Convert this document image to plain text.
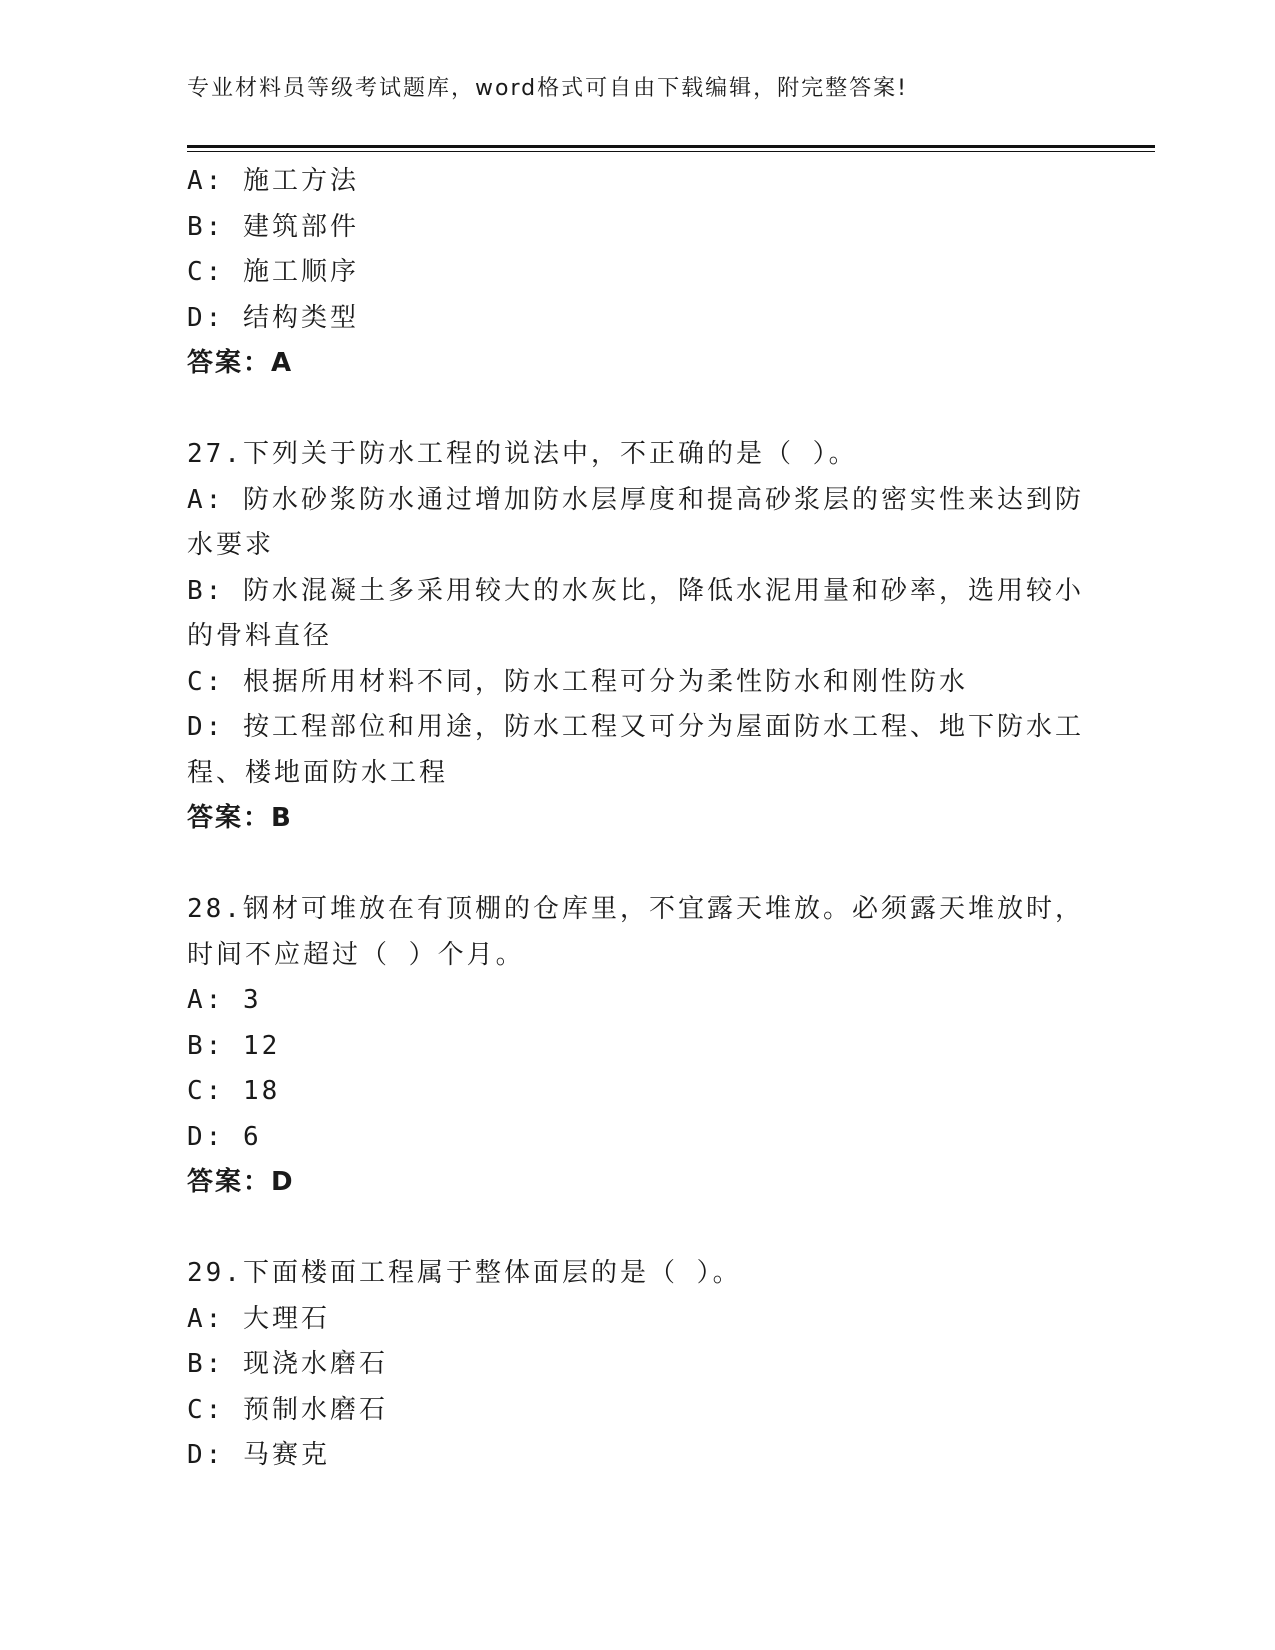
专业材料员等级考试题库，word格式可自由下载编辑，附完整答案!

A: 施工方法

B: 建筑部件

C: 施工顺序

D: 结构类型

答案：A

27.下列关于防水工程的说法中，不正确的是（ ）。

A: 防水砂浆防水通过增加防水层厚度和提高砂浆层的密实性来达到防

水要求

B: 防水混凝土多采用较大的水灰比，降低水泥用量和砂率，选用较小

的骨料直径

C: 根据所用材料不同，防水工程可分为柔性防水和刚性防水

D: 按工程部位和用途，防水工程又可分为屋面防水工程、地下防水工

程、楼地面防水工程

答案：B

28.钢材可堆放在有顶棚的仓库里，不宜露天堆放。必须露天堆放时，

时间不应超过（ ）个月。

A: 3

B: 12

C: 18

D: 6

答案：D

29.下面楼面工程属于整体面层的是（ ）。

A: 大理石

B: 现浇水磨石

C: 预制水磨石

D: 马赛克
